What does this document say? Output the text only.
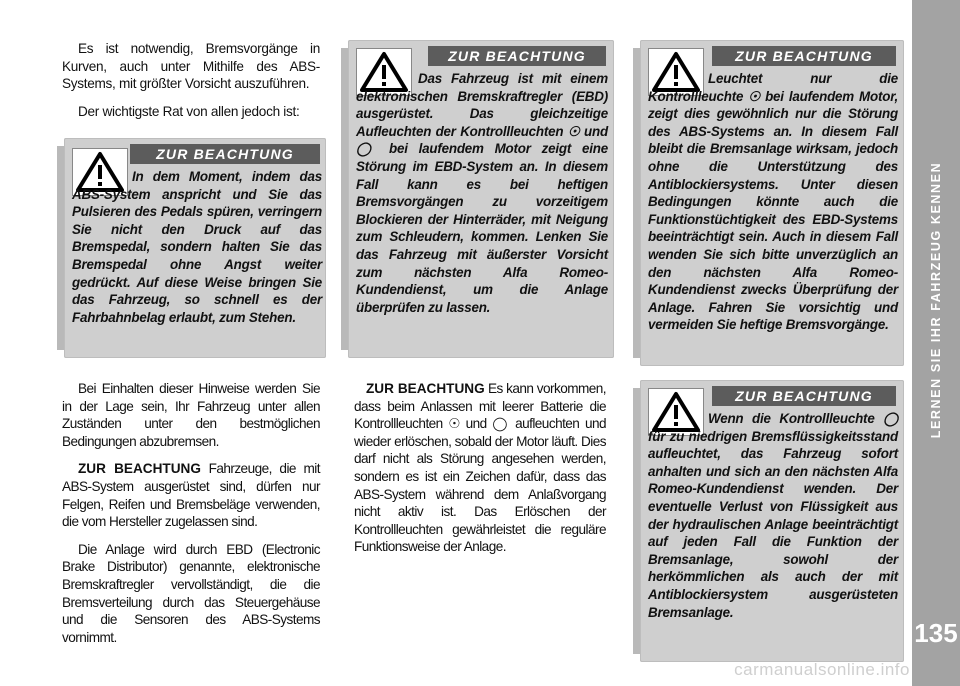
LERNEN SIE IHR FAHRZEUG KENNEN
135

Es ist notwendig, Bremsvorgänge in Kurven, auch unter Mithilfe des ABS-Systems, mit größter Vorsicht auszuführen.

Der wichtigste Rat von allen jedoch ist:

ZUR BEACHTUNG
In dem Moment, indem das ABS-System anspricht und Sie das Pulsieren des Pedals spüren, verringern Sie nicht den Druck auf das Bremspedal, sondern halten Sie das Bremspedal ohne Angst weiter gedrückt. Auf diese Weise bringen Sie das Fahrzeug, so schnell es der Fahrbahnbelag erlaubt, zum Stehen.

Bei Einhalten dieser Hinweise werden Sie in der Lage sein, Ihr Fahrzeug unter allen Zuständen unter den bestmöglichen Bedingungen abzubremsen.

ZUR BEACHTUNG Fahrzeuge, die mit ABS-System ausgerüstet sind, dürfen nur Felgen, Reifen und Bremsbeläge verwenden, die vom Hersteller zugelassen sind.

Die Anlage wird durch EBD (Electronic Brake Distributor) genannte, elektronische Bremskraftregler vervollständigt, die die Bremsverteilung durch das Steuergehäuse und die Sensoren des ABS-Systems vornimmt.

ZUR BEACHTUNG
Das Fahrzeug ist mit einem elektronischen Bremskraftregler (EBD) ausgerüstet. Das gleichzeitige Aufleuchten der Kontrollleuchten ☉ und ◯ bei laufendem Motor zeigt eine Störung im EBD-System an. In diesem Fall kann es bei heftigen Bremsvorgängen zu vorzeitigem Blockieren der Hinterräder, mit Neigung zum Schleudern, kommen. Lenken Sie das Fahrzeug mit äußerster Vorsicht zum nächsten Alfa Romeo-Kundendienst, um die Anlage überprüfen zu lassen.

ZUR BEACHTUNG Es kann vorkommen, dass beim Anlassen mit leerer Batterie die Kontrollleuchten ☉ und ◯ aufleuchten und wieder erlöschen, sobald der Motor läuft. Dies darf nicht als Störung angesehen werden, sondern es ist ein Zeichen dafür, dass das ABS-System während dem Anlaßvorgang nicht aktiv ist. Das Erlöschen der Kontrollleuchten gewährleistet die reguläre Funktionsweise der Anlage.

ZUR BEACHTUNG
Leuchtet nur die Kontrollleuchte ☉ bei laufendem Motor, zeigt dies gewöhnlich nur die Störung des ABS-Systems an. In diesem Fall bleibt die Bremsanlage wirksam, jedoch ohne die Unterstützung des Antiblockiersystems. Unter diesen Bedingungen könnte auch die Funktionstüchtigkeit des EBD-Systems beeinträchtigt sein. Auch in diesem Fall wenden Sie sich bitte unverzüglich an den nächsten Alfa Romeo-Kundendienst zwecks Überprüfung der Anlage. Fahren Sie vorsichtig und vermeiden Sie heftige Bremsvorgänge.
ZUR BEACHTUNG
Wenn die Kontrollleuchte ◯ für zu niedrigen Bremsflüssigkeitsstand aufleuchtet, das Fahrzeug sofort anhalten und sich an den nächsten Alfa Romeo-Kundendienst wenden. Der eventuelle Verlust von Flüssigkeit aus der hydraulischen Anlage beeinträchtigt auf jeden Fall die Funktion der Bremsanlage, sowohl der herkömmlichen als auch der mit Antiblockiersystem ausgerüsteten Bremsanlage.
carmanualsonline.info
